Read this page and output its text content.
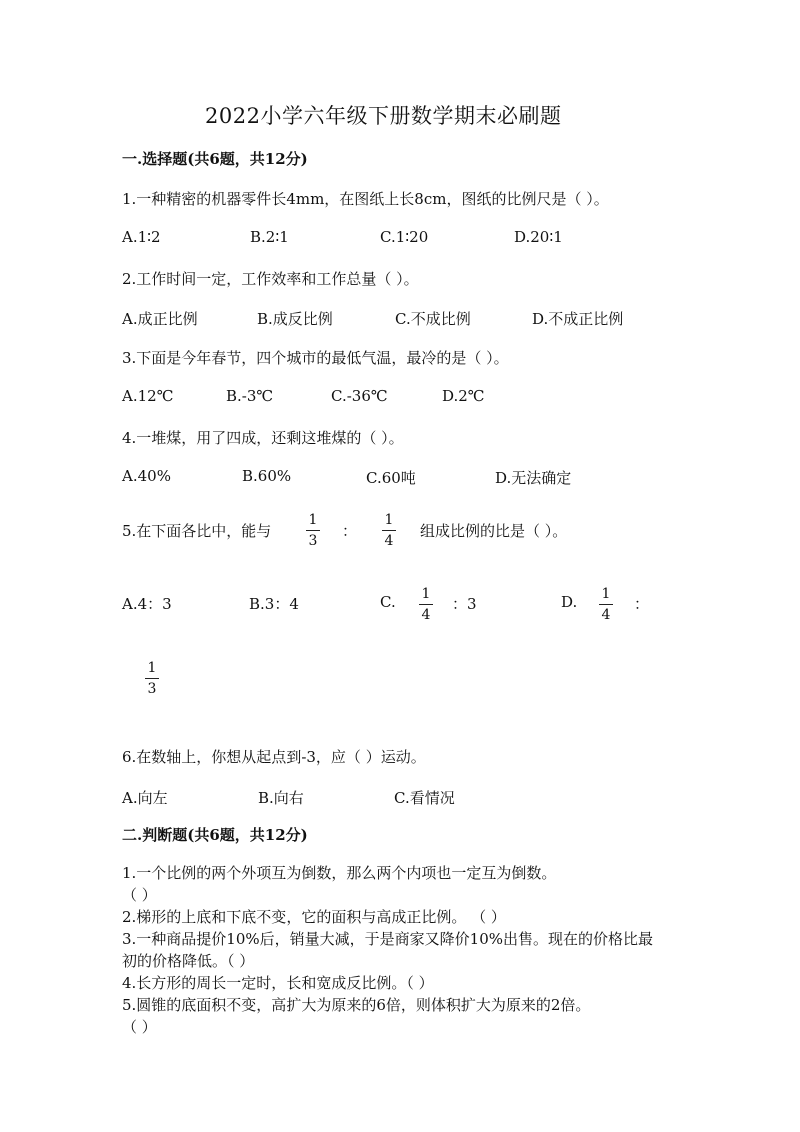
2022小学六年级下册数学期末必刷题
一.选择题(共6题，共12分)
1.一种精密的机器零件长4mm，在图纸上长8cm，图纸的比例尺是（ ）。
A.1∶2	B.2∶1	C.1∶20	D.20∶1
2.工作时间一定，工作效率和工作总量（ ）。
A.成正比例	B.成反比例	C.不成比例	D.不成正比例
3.下面是今年春节，四个城市的最低气温，最冷的是（ ）。
A.12℃	B.-3℃	C.-36℃	D.2℃
4.一堆煤，用了四成，还剩这堆煤的（ ）。
A.40%	B.60%	C.60吨	D.无法确定
5.在下面各比中，能与
1
3
：
1
4
组成比例的比是（ ）。
A.4：3	B.3：4	C.	1
4
：3	D.	1
4
：
1
3
6.在数轴上，你想从起点到-3，应（ ）运动。
A.向左	B.向右	C.看情况
二.判断题(共6题，共12分)
1.一个比例的两个外项互为倒数，那么两个内项也一定互为倒数。
（ ）
2.梯形的上底和下底不变，它的面积与高成正比例。 （ ）
3.一种商品提价10%后，销量大减，于是商家又降价10%出售。现在的价格比最
初的价格降低。（ ）
4.长方形的周长一定时，长和宽成反比例。（ ）
5.圆锥的底面积不变，高扩大为原来的6倍，则体积扩大为原来的2倍。
（ ）
